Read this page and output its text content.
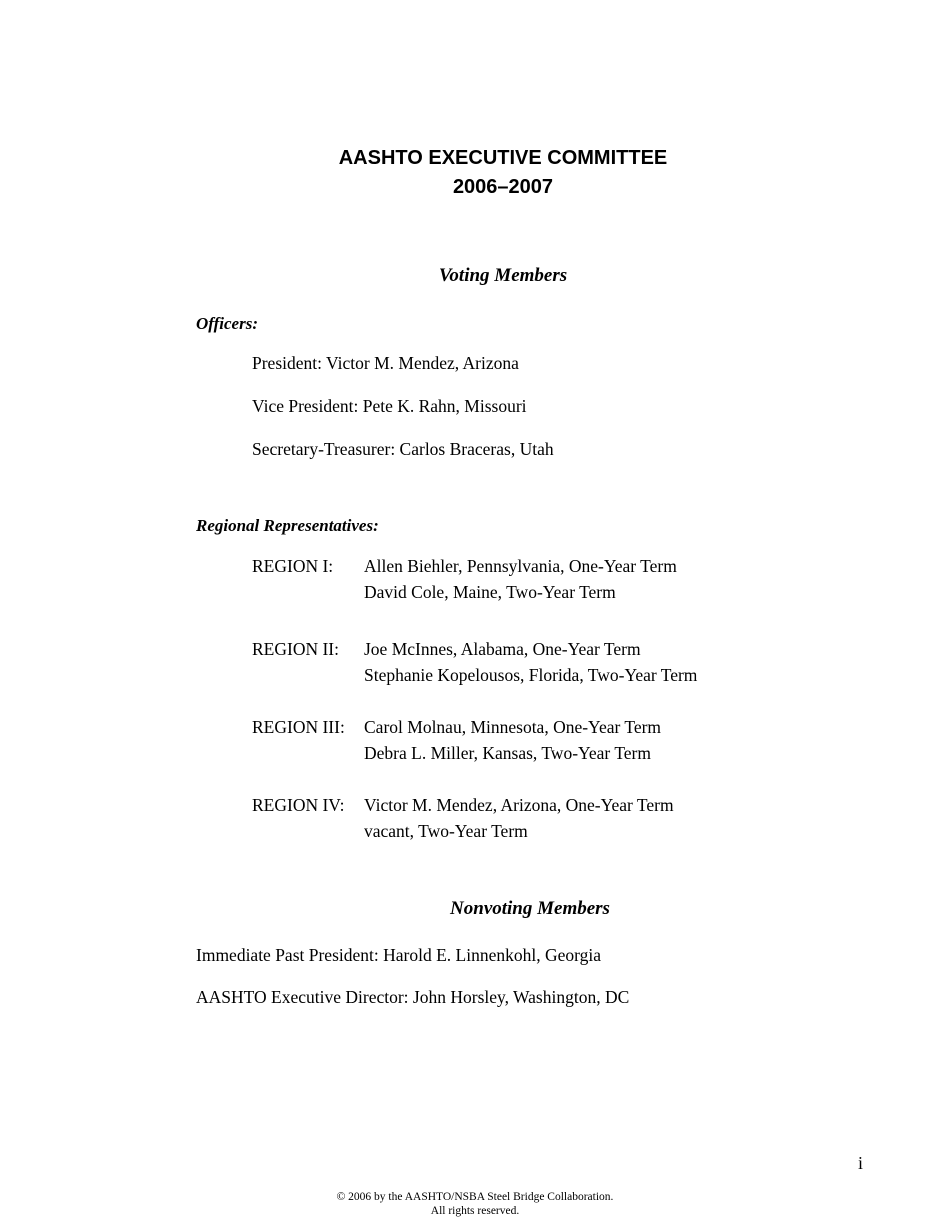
AASHTO EXECUTIVE COMMITTEE
2006–2007
Voting Members
Officers:
President: Victor M. Mendez, Arizona
Vice President: Pete K. Rahn, Missouri
Secretary-Treasurer: Carlos Braceras, Utah
Regional Representatives:
REGION I: Allen Biehler, Pennsylvania, One-Year Term
David Cole, Maine, Two-Year Term
REGION II: Joe McInnes, Alabama, One-Year Term
Stephanie Kopelousos, Florida, Two-Year Term
REGION III: Carol Molnau, Minnesota, One-Year Term
Debra L. Miller, Kansas, Two-Year Term
REGION IV: Victor M. Mendez, Arizona, One-Year Term
vacant, Two-Year Term
Nonvoting Members
Immediate Past President: Harold E. Linnenkohl, Georgia
AASHTO Executive Director: John Horsley, Washington, DC
i
© 2006 by the AASHTO/NSBA Steel Bridge Collaboration.
All rights reserved.
